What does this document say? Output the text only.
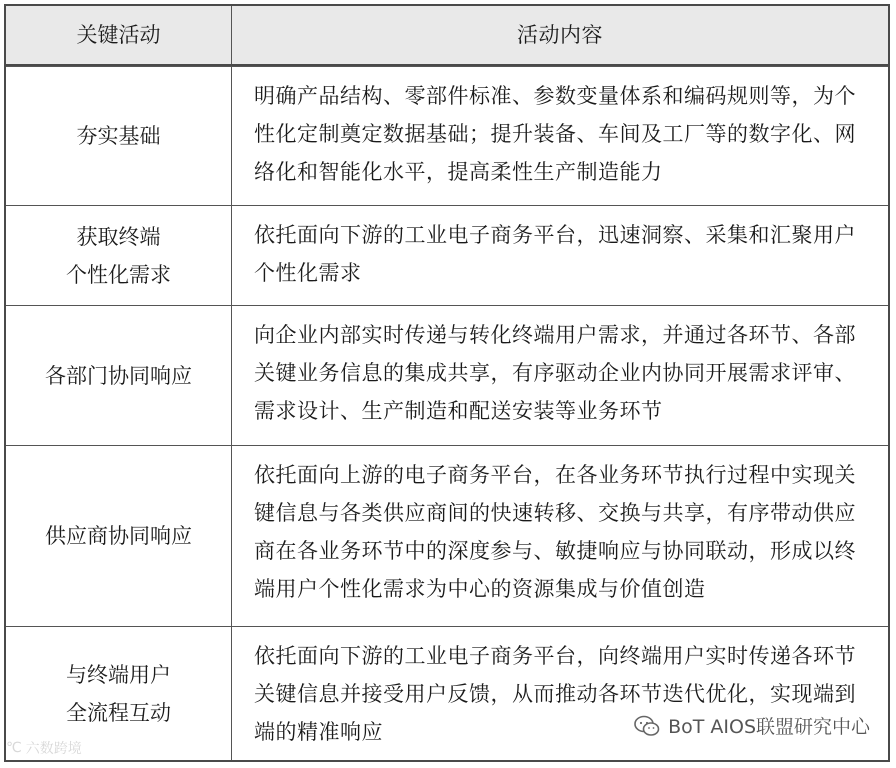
关键活动	活动内容
夯实基础
明确产品结构、零部件标准、参数变量体系和编码规则等，为个性化定制奠定数据基础；提升装备、车间及工厂等的数字化、网络化和智能化水平，提高柔性生产制造能力
获取终端
个性化需求
依托面向下游的工业电子商务平台，迅速洞察、采集和汇聚用户个性化需求
各部门协同响应
向企业内部实时传递与转化终端用户需求，并通过各环节、各部关键业务信息的集成共享，有序驱动企业内协同开展需求评审、需求设计、生产制造和配送安装等业务环节
供应商协同响应
依托面向上游的电子商务平台，在各业务环节执行过程中实现关键信息与各类供应商间的快速转移、交换与共享，有序带动供应商在各业务环节中的深度参与、敏捷响应与协同联动，形成以终端用户个性化需求为中心的资源集成与价值创造
与终端用户
全流程互动
依托面向下游的工业电子商务平台，向终端用户实时传递各环节关键信息并接受用户反馈，从而推动各环节迭代优化，实现端到端的精准响应
℃ 六数跨境
BoT AIOS联盟研究中心
